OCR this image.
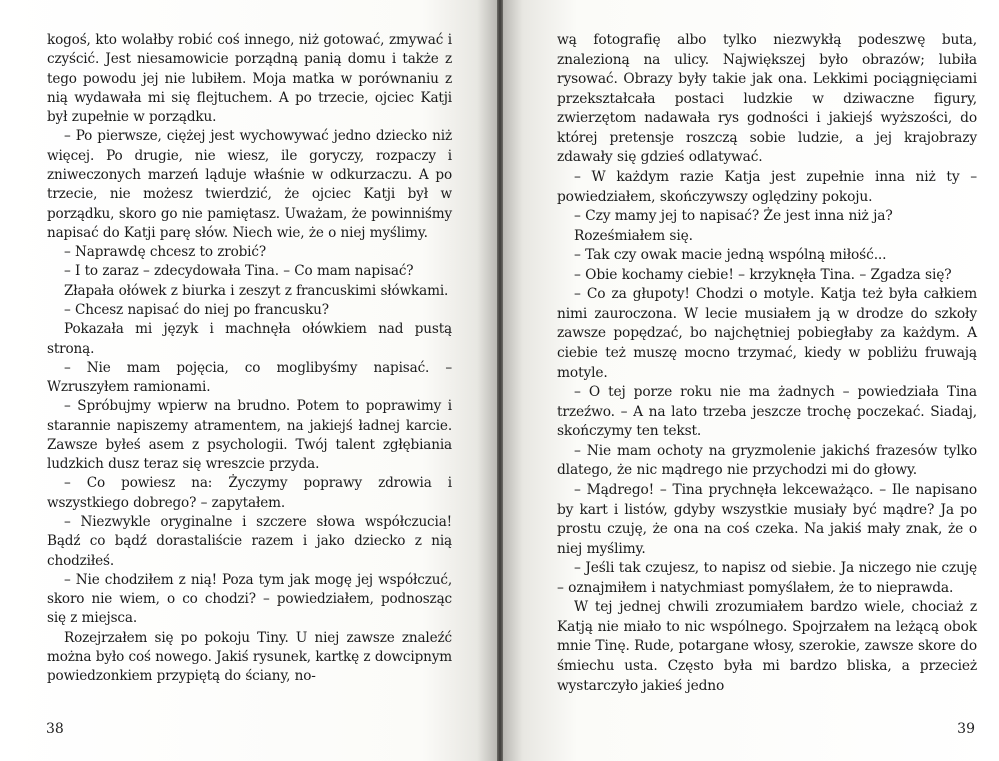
kogoś, kto wolałby robić coś innego, niż gotować, zmywać i czyścić. Jest niesamowicie porządną panią domu i także z tego powodu jej nie lubiłem. Moja matka w porównaniu z nią wydawała mi się flejtuchem. A po trzecie, ojciec Katji był zupełnie w porządku.

– Po pierwsze, ciężej jest wychowywać jedno dziecko niż więcej. Po drugie, nie wiesz, ile goryczy, rozpaczy i zniweczonych marzeń ląduje właśnie w odkurzaczu. A po trzecie, nie możesz twierdzić, że ojciec Katji był w porządku, skoro go nie pamiętasz. Uważam, że powinniśmy napisać do Katji parę słów. Niech wie, że o niej myślimy.

– Naprawdę chcesz to zrobić?

– I to zaraz – zdecydowała Tina. – Co mam napisać?

Złapała ołówek z biurka i zeszyt z francuskimi słówkami.

– Chcesz napisać do niej po francusku?

Pokazała mi język i machnęła ołówkiem nad pustą stroną.

– Nie mam pojęcia, co moglibyśmy napisać. – Wzruszyłem ramionami.

– Spróbujmy wpierw na brudno. Potem to poprawimy i starannie napiszemy atramentem, na jakiejś ładnej karcie. Zawsze byłeś asem z psychologii. Twój talent zgłębiania ludzkich dusz teraz się wreszcie przyda.

– Co powiesz na: Życzymy poprawy zdrowia i wszystkiego dobrego? – zapytałem.

– Niezwykle oryginalne i szczere słowa współczucia! Bądź co bądź dorastaliście razem i jako dziecko z nią chodziłeś.

– Nie chodziłem z nią! Poza tym jak mogę jej współczuć, skoro nie wiem, o co chodzi? – powiedziałem, podnosząc się z miejsca.

Rozejrzałem się po pokoju Tiny. U niej zawsze znaleźć można było coś nowego. Jakiś rysunek, kartkę z dowcipnym powiedzonkiem przypiętą do ściany, no-

38

wą fotografię albo tylko niezwykłą podeszwę buta, znalezioną na ulicy. Największej było obrazów; lubiła rysować. Obrazy były takie jak ona. Lekkimi pociągnięciami przekształcała postaci ludzkie w dziwaczne figury, zwierzętom nadawała rys godności i jakiejś wyższości, do której pretensje roszczą sobie ludzie, a jej krajobrazy zdawały się gdzieś odlatywać.

– W każdym razie Katja jest zupełnie inna niż ty – powiedziałem, skończywszy oględziny pokoju.

– Czy mamy jej to napisać? Że jest inna niż ja?

Roześmiałem się.

– Tak czy owak macie jedną wspólną miłość...

– Obie kochamy ciebie! – krzyknęła Tina. – Zgadza się?

– Co za głupoty! Chodzi o motyle. Katja też była całkiem nimi zauroczona. W lecie musiałem ją w drodze do szkoły zawsze popędzać, bo najchętniej pobiegłaby za każdym. A ciebie też muszę mocno trzymać, kiedy w pobliżu fruwają motyle.

– O tej porze roku nie ma żadnych – powiedziała Tina trzeźwo. – A na lato trzeba jeszcze trochę poczekać. Siadaj, skończymy ten tekst.

– Nie mam ochoty na gryzmolenie jakichś frazesów tylko dlatego, że nic mądrego nie przychodzi mi do głowy.

– Mądrego! – Tina prychnęła lekceważąco. – Ile napisano by kart i listów, gdyby wszystkie musiały być mądre? Ja po prostu czuję, że ona na coś czeka. Na jakiś mały znak, że o niej myślimy.

– Jeśli tak czujesz, to napisz od siebie. Ja niczego nie czuję – oznajmiłem i natychmiast pomyślałem, że to nieprawda.

W tej jednej chwili zrozumiałem bardzo wiele, chociaż z Katją nie miało to nic wspólnego. Spojrzałem na leżącą obok mnie Tinę. Rude, potargane włosy, szerokie, zawsze skore do śmiechu usta. Często była mi bardzo bliska, a przecież wystarczyło jakieś jedno

39
